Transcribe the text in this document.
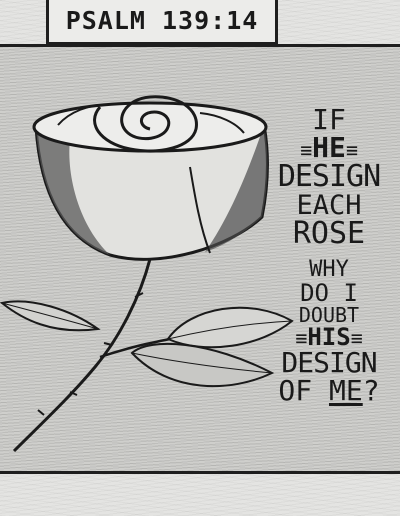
PSALM 139:14
IF
≡HE≡
DESIGN
EACH
ROSE
WHY
DO I
DOUBT
≡HIS≡
DESIGN
OF ME?
